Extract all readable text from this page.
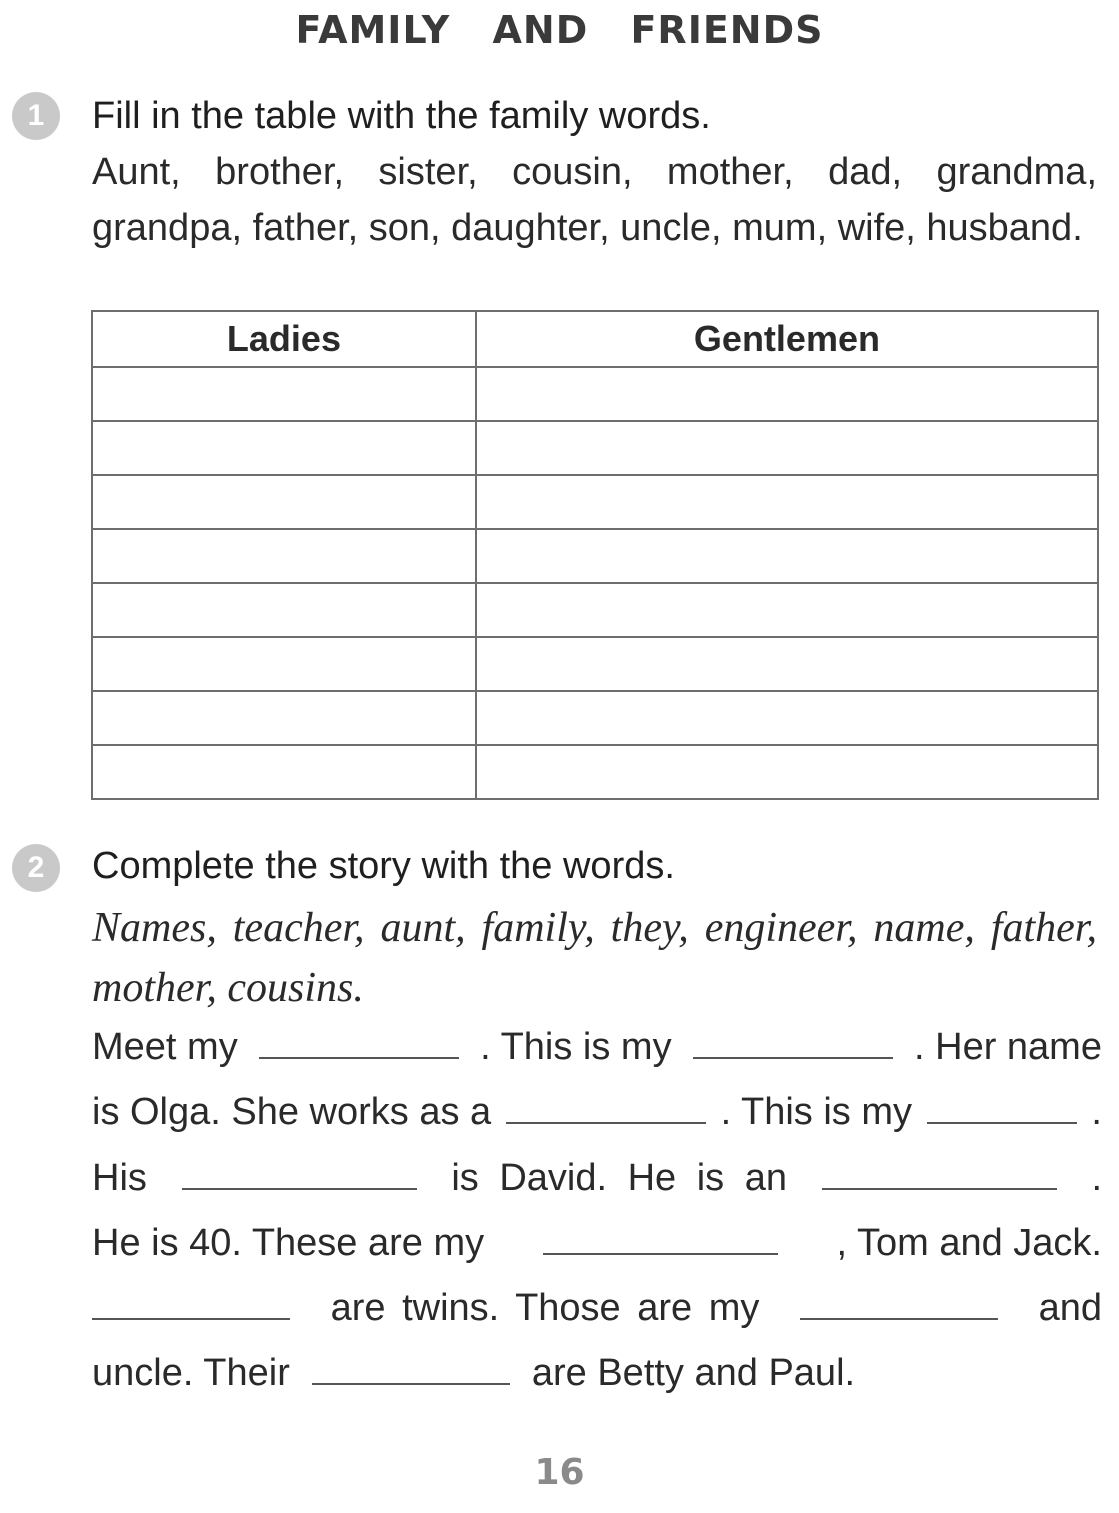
FAMILY AND FRIENDS
1	Fill in the table with the family words.
Aunt, brother, sister, cousin, mother, dad, grandma, grandpa, father, son, daughter, uncle, mum, wife, husband.
Ladies	Gentlemen

2	Complete the story with the words.
Names, teacher, aunt, family, they, engineer, name, father, mother, cousins.
Meet my	. This is my	. Her name
is Olga. She works as a	. This is my	.
His	is David. He is an	.
He is 40. These are my	, Tom and Jack.
are twins. Those are my	and
uncle. Their	are Betty and Paul.
16
